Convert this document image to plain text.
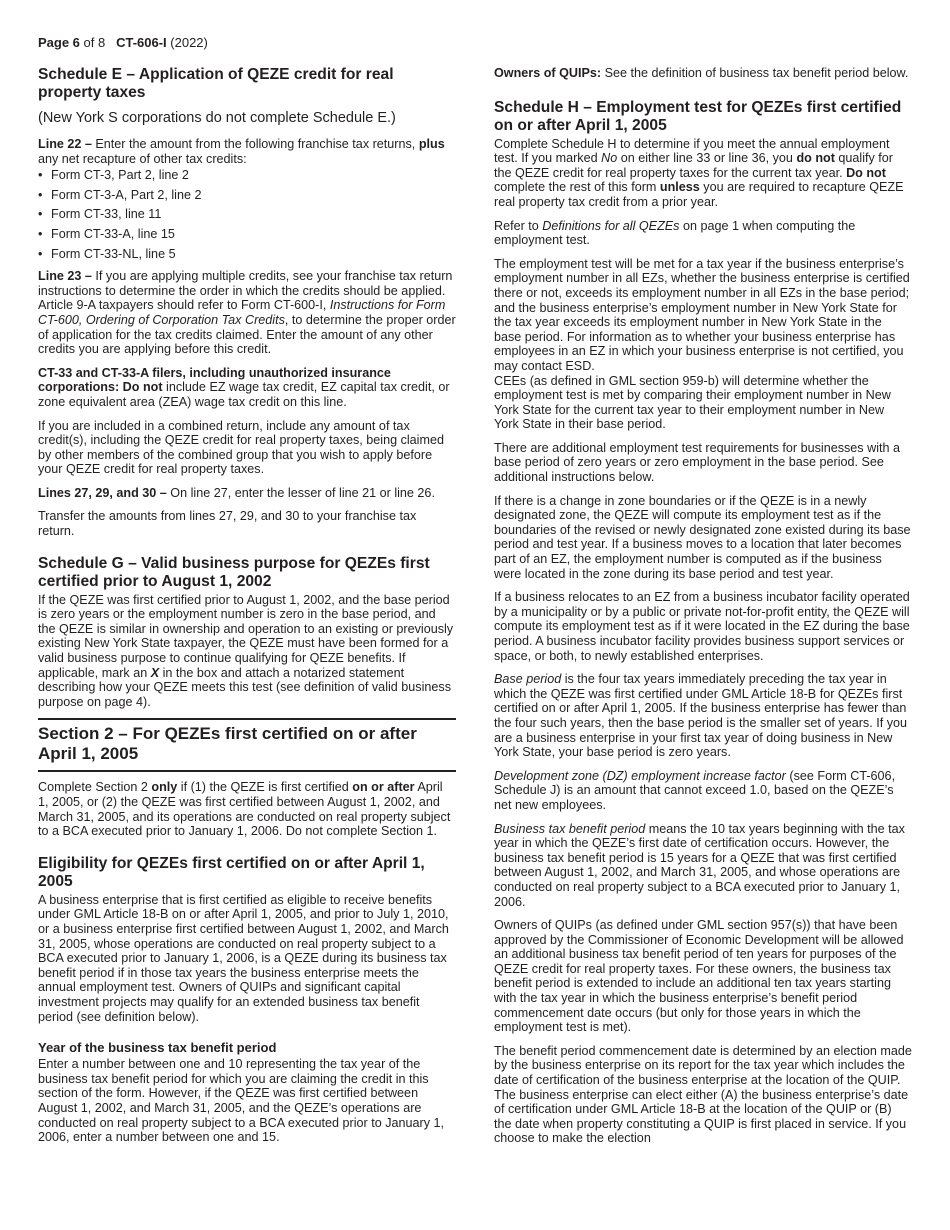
Page 6 of 8 CT-606-I (2022)
Schedule E – Application of QEZE credit for real property taxes

(New York S corporations do not complete Schedule E.)

Line 22 – Enter the amount from the following franchise tax returns, plus any net recapture of other tax credits:

• Form CT-3, Part 2, line 2
• Form CT-3-A, Part 2, line 2
• Form CT-33, line 11
• Form CT-33-A, line 15
• Form CT-33-NL, line 5

Line 23 – If you are applying multiple credits, see your franchise tax return instructions to determine the order in which the credits should be applied. Article 9-A taxpayers should refer to Form CT-600-I, Instructions for Form CT-600, Ordering of Corporation Tax Credits, to determine the proper order of application for the tax credits claimed. Enter the amount of any other credits you are applying before this credit.

CT-33 and CT-33-A filers, including unauthorized insurance corporations: Do not include EZ wage tax credit, EZ capital tax credit, or zone equivalent area (ZEA) wage tax credit on this line.

If you are included in a combined return, include any amount of tax credit(s), including the QEZE credit for real property taxes, being claimed by other members of the combined group that you wish to apply before your QEZE credit for real property taxes.

Lines 27, 29, and 30 – On line 27, enter the lesser of line 21 or line 26.

Transfer the amounts from lines 27, 29, and 30 to your franchise tax return.

Schedule G – Valid business purpose for QEZEs first certified prior to August 1, 2002

If the QEZE was first certified prior to August 1, 2002, and the base period is zero years or the employment number is zero in the base period, and the QEZE is similar in ownership and operation to an existing or previously existing New York State taxpayer, the QEZE must have been formed for a valid business purpose to continue qualifying for QEZE benefits. If applicable, mark an X in the box and attach a notarized statement describing how your QEZE meets this test (see definition of valid business purpose on page 4).

Section 2 – For QEZEs first certified on or after April 1, 2005

Complete Section 2 only if (1) the QEZE is first certified on or after April 1, 2005, or (2) the QEZE was first certified between August 1, 2002, and March 31, 2005, and its operations are conducted on real property subject to a BCA executed prior to January 1, 2006. Do not complete Section 1.

Eligibility for QEZEs first certified on or after April 1, 2005

A business enterprise that is first certified as eligible to receive benefits under GML Article 18-B on or after April 1, 2005, and prior to July 1, 2010, or a business enterprise first certified between August 1, 2002, and March 31, 2005, whose operations are conducted on real property subject to a BCA executed prior to January 1, 2006, is a QEZE during its business tax benefit period if in those tax years the business enterprise meets the annual employment test. Owners of QUIPs and significant capital investment projects may qualify for an extended business tax benefit period (see definition below).

Year of the business tax benefit period

Enter a number between one and 10 representing the tax year of the business tax benefit period for which you are claiming the credit in this section of the form. However, if the QEZE was first certified between August 1, 2002, and March 31, 2005, and the QEZE’s operations are conducted on real property subject to a BCA executed prior to January 1, 2006, enter a number between one and 15.

Owners of QUIPs: See the definition of business tax benefit period below.

Schedule H – Employment test for QEZEs first certified on or after April 1, 2005

Complete Schedule H to determine if you meet the annual employment test. If you marked No on either line 33 or line 36, you do not qualify for the QEZE credit for real property taxes for the current tax year. Do not complete the rest of this form unless you are required to recapture QEZE real property tax credit from a prior year.

Refer to Definitions for all QEZEs on page 1 when computing the employment test.

The employment test will be met for a tax year if the business enterprise’s employment number in all EZs, whether the business enterprise is certified there or not, exceeds its employment number in all EZs in the base period; and the business enterprise’s employment number in New York State for the tax year exceeds its employment number in New York State in the base period. For information as to whether your business enterprise has employees in an EZ in which your business enterprise is not certified, you may contact ESD.

CEEs (as defined in GML section 959-b) will determine whether the employment test is met by comparing their employment number in New York State for the current tax year to their employment number in New York State in their base period.

There are additional employment test requirements for businesses with a base period of zero years or zero employment in the base period. See additional instructions below.

If there is a change in zone boundaries or if the QEZE is in a newly designated zone, the QEZE will compute its employment test as if the boundaries of the revised or newly designated zone existed during its base period and test year. If a business moves to a location that later becomes part of an EZ, the employment number is computed as if the business were located in the zone during its base period and test year.

If a business relocates to an EZ from a business incubator facility operated by a municipality or by a public or private not-for-profit entity, the QEZE will compute its employment test as if it were located in the EZ during the base period. A business incubator facility provides business support services or space, or both, to newly established enterprises.

Base period is the four tax years immediately preceding the tax year in which the QEZE was first certified under GML Article 18-B for QEZEs first certified on or after April 1, 2005. If the business enterprise has fewer than the four such years, then the base period is the smaller set of years. If you are a business enterprise in your first tax year of doing business in New York State, your base period is zero years.

Development zone (DZ) employment increase factor (see Form CT-606, Schedule J) is an amount that cannot exceed 1.0, based on the QEZE’s net new employees.

Business tax benefit period means the 10 tax years beginning with the tax year in which the QEZE’s first date of certification occurs. However, the business tax benefit period is 15 years for a QEZE that was first certified between August 1, 2002, and March 31, 2005, and whose operations are conducted on real property subject to a BCA executed prior to January 1, 2006.

Owners of QUIPs (as defined under GML section 957(s)) that have been approved by the Commissioner of Economic Development will be allowed an additional business tax benefit period of ten years for purposes of the QEZE credit for real property taxes. For these owners, the business tax benefit period is extended to include an additional ten tax years starting with the tax year in which the business enterprise’s benefit period commencement date occurs (but only for those years in which the employment test is met).

The benefit period commencement date is determined by an election made by the business enterprise on its report for the tax year which includes the date of certification of the business enterprise at the location of the QUIP. The business enterprise can elect either (A) the business enterprise’s date of certification under GML Article 18-B at the location of the QUIP or (B) the date when property constituting a QUIP is first placed in service. If you choose to make the election
